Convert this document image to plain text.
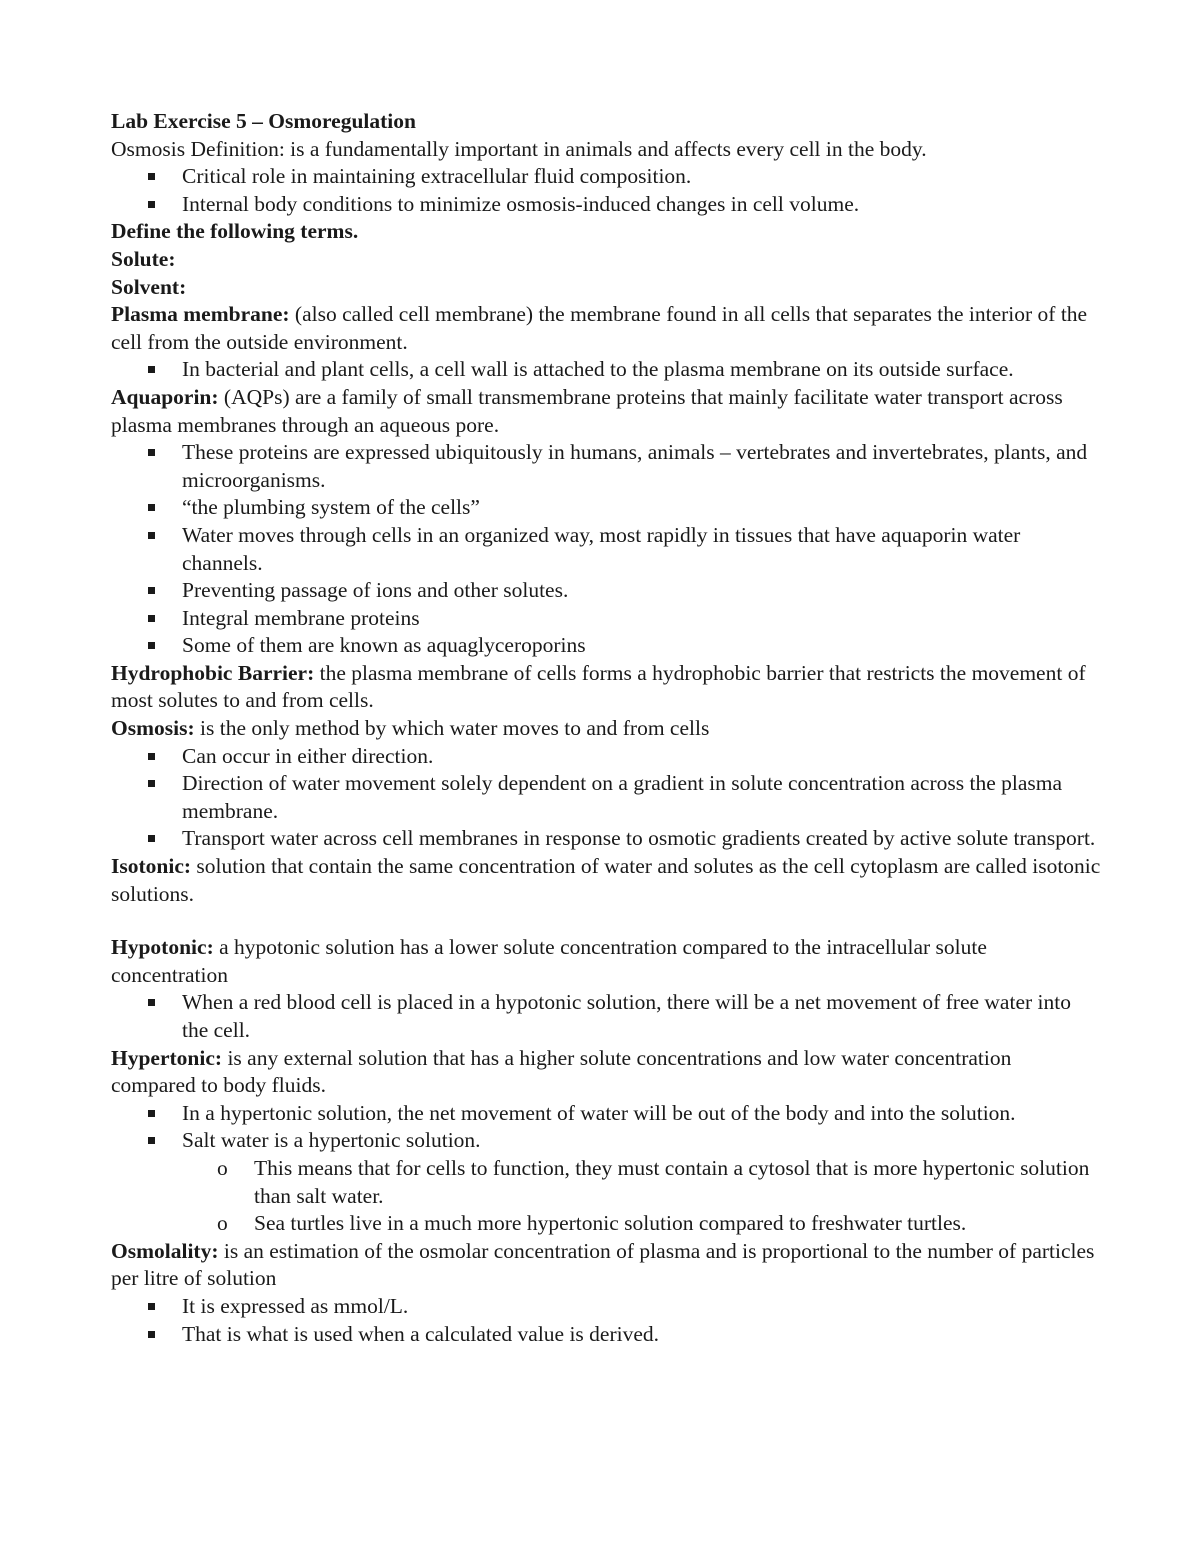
Lab Exercise 5 – Osmoregulation

Osmosis Definition: is a fundamentally important in animals and affects every cell in the body.

Critical role in maintaining extracellular fluid composition.
Internal body conditions to minimize osmosis-induced changes in cell volume.

Define the following terms.

Solute:

Solvent:

Plasma membrane: (also called cell membrane) the membrane found in all cells that separates the interior of the cell from the outside environment.

In bacterial and plant cells, a cell wall is attached to the plasma membrane on its outside surface.

Aquaporin: (AQPs) are a family of small transmembrane proteins that mainly facilitate water transport across plasma membranes through an aqueous pore.

These proteins are expressed ubiquitously in humans, animals – vertebrates and invertebrates, plants, and microorganisms.
“the plumbing system of the cells”
Water moves through cells in an organized way, most rapidly in tissues that have aquaporin water channels.
Preventing passage of ions and other solutes.
Integral membrane proteins
Some of them are known as aquaglyceroporins

Hydrophobic Barrier: the plasma membrane of cells forms a hydrophobic barrier that restricts the movement of most solutes to and from cells.

Osmosis: is the only method by which water moves to and from cells

Can occur in either direction.
Direction of water movement solely dependent on a gradient in solute concentration across the plasma membrane.
Transport water across cell membranes in response to osmotic gradients created by active solute transport.

Isotonic: solution that contain the same concentration of water and solutes as the cell cytoplasm are called isotonic solutions.

Hypotonic: a hypotonic solution has a lower solute concentration compared to the intracellular solute concentration

When a red blood cell is placed in a hypotonic solution, there will be a net movement of free water into the cell.

Hypertonic: is any external solution that has a higher solute concentrations and low water concentration compared to body fluids.

In a hypertonic solution, the net movement of water will be out of the body and into the solution.
Salt water is a hypertonic solution.
o This means that for cells to function, they must contain a cytosol that is more hypertonic solution than salt water.
o Sea turtles live in a much more hypertonic solution compared to freshwater turtles.

Osmolality: is an estimation of the osmolar concentration of plasma and is proportional to the number of particles per litre of solution

It is expressed as mmol/L.
That is what is used when a calculated value is derived.
